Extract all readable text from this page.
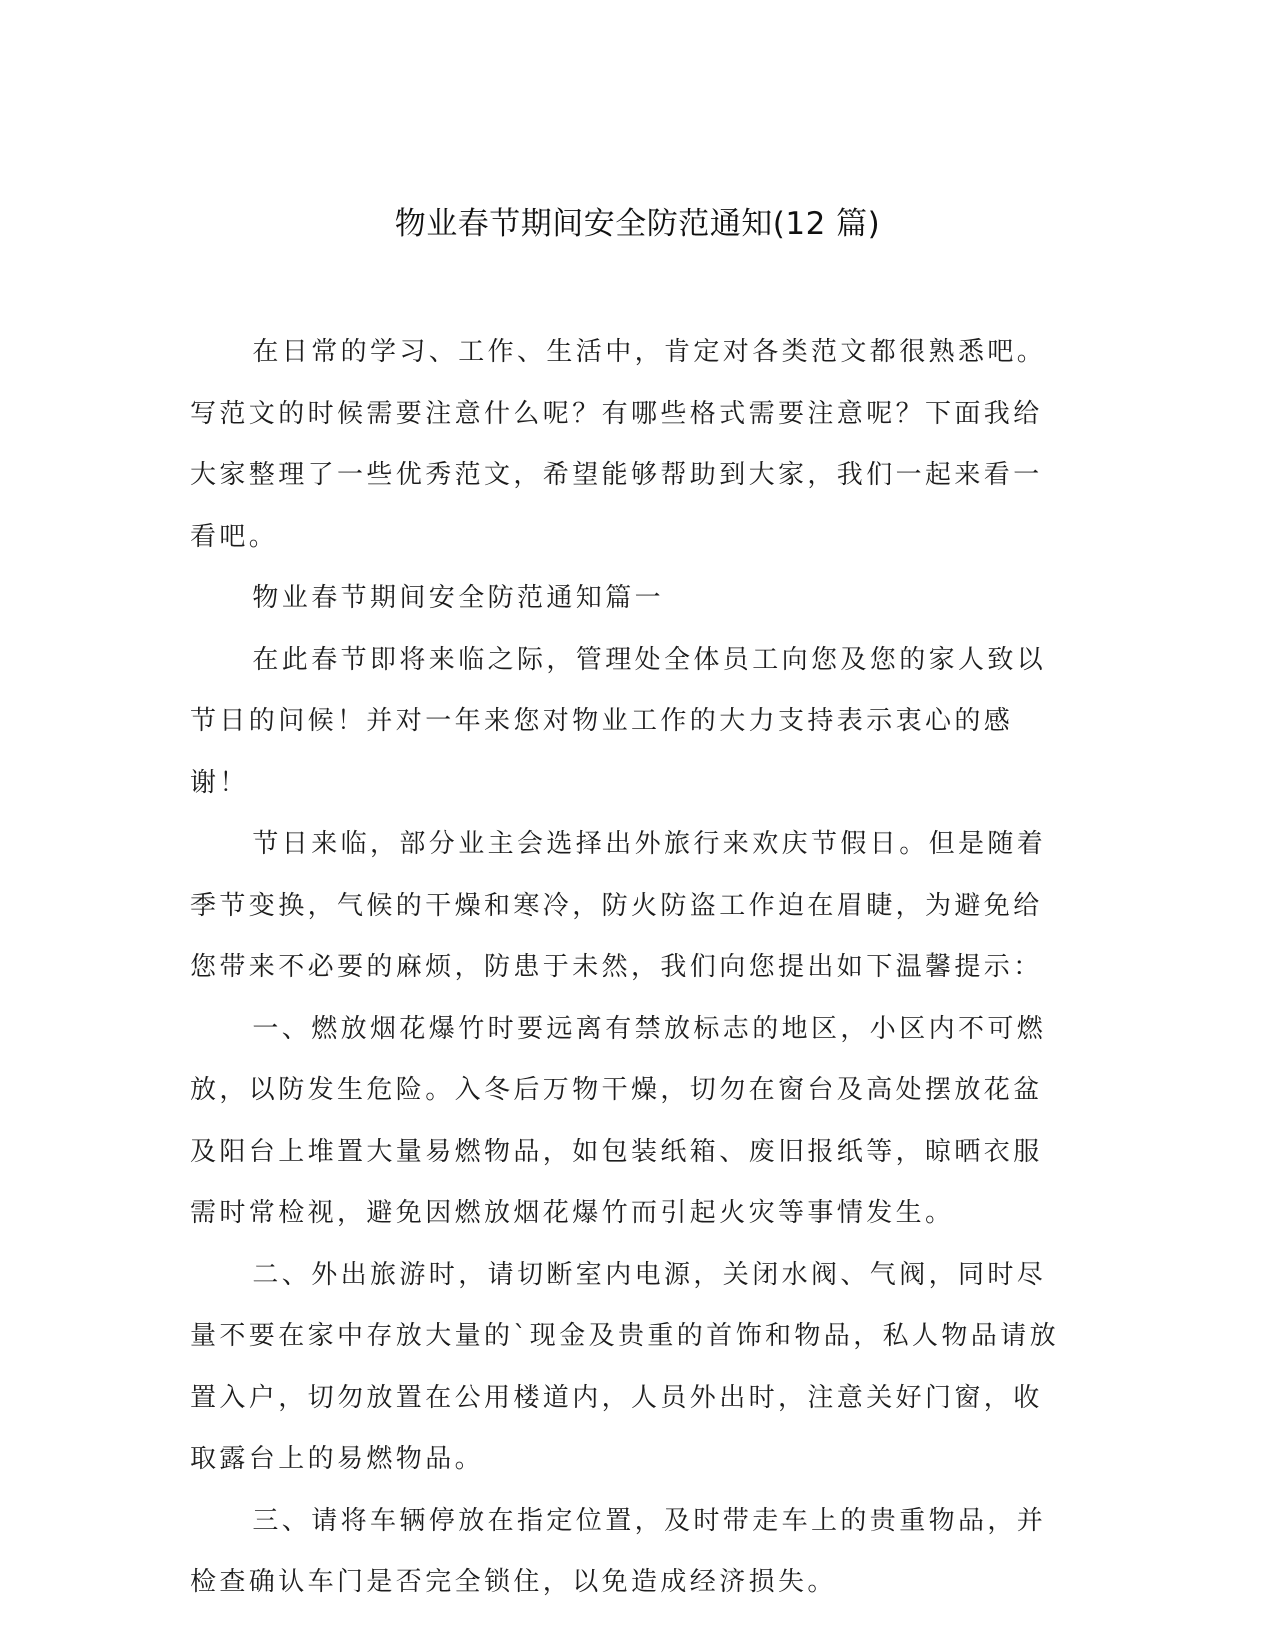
物业春节期间安全防范通知(12 篇)

在日常的学习、工作、生活中，肯定对各类范文都很熟悉吧。写范文的时候需要注意什么呢？有哪些格式需要注意呢？下面我给大家整理了一些优秀范文，希望能够帮助到大家，我们一起来看一看吧。

物业春节期间安全防范通知篇一

在此春节即将来临之际，管理处全体员工向您及您的家人致以节日的问候！并对一年来您对物业工作的大力支持表示衷心的感谢！

节日来临，部分业主会选择出外旅行来欢庆节假日。但是随着季节变换，气候的干燥和寒冷，防火防盗工作迫在眉睫，为避免给您带来不必要的麻烦，防患于未然，我们向您提出如下温馨提示：

一、燃放烟花爆竹时要远离有禁放标志的地区，小区内不可燃放，以防发生危险。入冬后万物干燥，切勿在窗台及高处摆放花盆及阳台上堆置大量易燃物品，如包装纸箱、废旧报纸等，晾晒衣服需时常检视，避免因燃放烟花爆竹而引起火灾等事情发生。

二、外出旅游时，请切断室内电源，关闭水阀、气阀，同时尽量不要在家中存放大量的`现金及贵重的首饰和物品，私人物品请放置入户，切勿放置在公用楼道内，人员外出时，注意关好门窗，收取露台上的易燃物品。

三、请将车辆停放在指定位置，及时带走车上的贵重物品，并检查确认车门是否完全锁住，以免造成经济损失。
